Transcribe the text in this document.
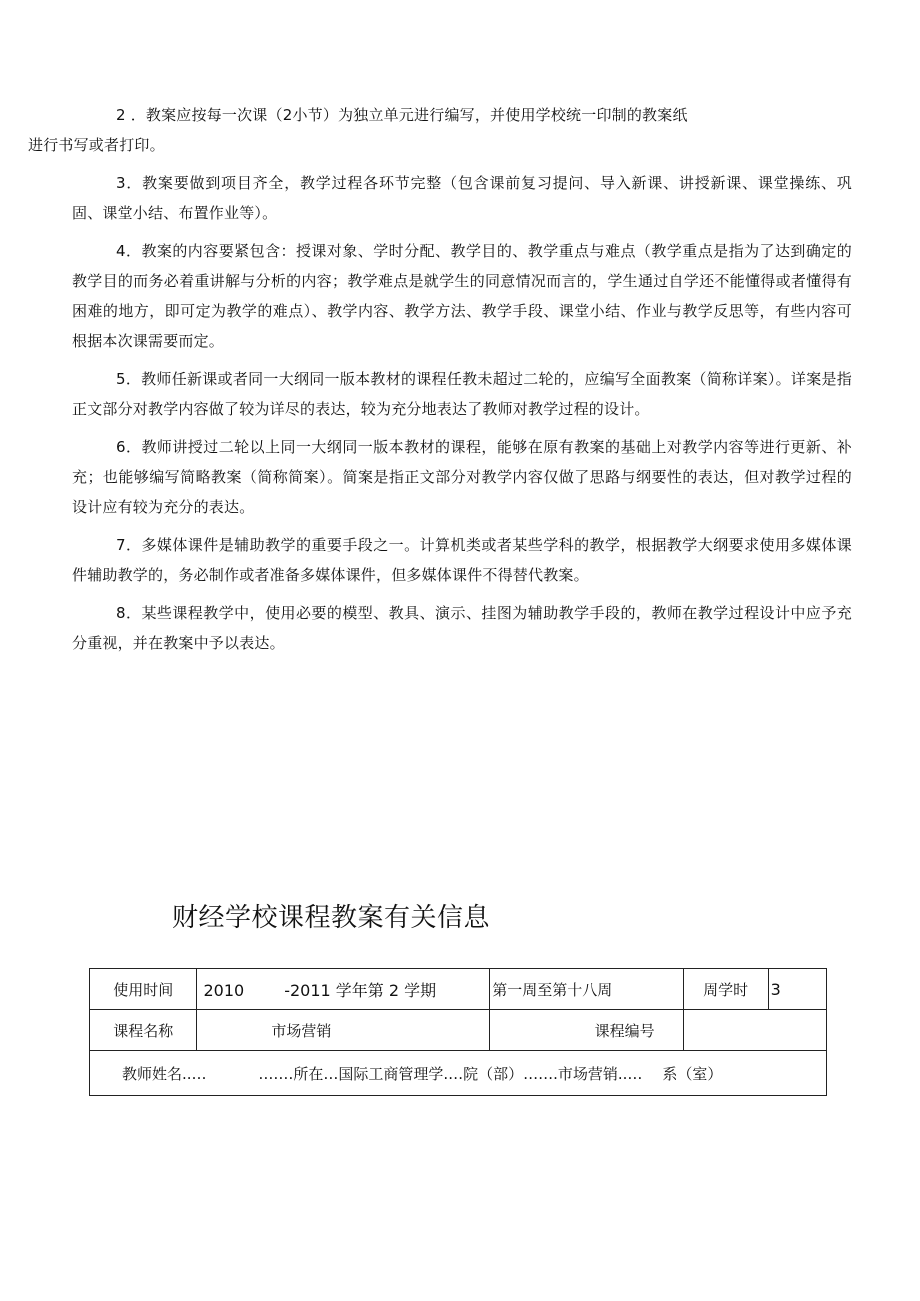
2 ．教案应按每一次课（2小节）为独立单元进行编写，并使用学校统一印制的教案纸
进行书写或者打印。

3．教案要做到项目齐全，教学过程各环节完整（包含课前复习提问、导入新课、讲授新课、课堂操练、巩固、课堂小结、布置作业等）。

4．教案的内容要紧包含：授课对象、学时分配、教学目的、教学重点与难点（教学重点是指为了达到确定的教学目的而务必着重讲解与分析的内容；教学难点是就学生的同意情况而言的，学生通过自学还不能懂得或者懂得有困难的地方，即可定为教学的难点）、教学内容、教学方法、教学手段、课堂小结、作业与教学反思等，有些内容可根据本次课需要而定。

5．教师任新课或者同一大纲同一版本教材的课程任教未超过二轮的，应编写全面教案（简称详案）。详案是指正文部分对教学内容做了较为详尽的表达，较为充分地表达了教师对教学过程的设计。

6．教师讲授过二轮以上同一大纲同一版本教材的课程，能够在原有教案的基础上对教学内容等进行更新、补充；也能够编写简略教案（简称简案）。简案是指正文部分对教学内容仅做了思路与纲要性的表达，但对教学过程的设计应有较为充分的表达。

7．多媒体课件是辅助教学的重要手段之一。计算机类或者某些学科的教学，根据教学大纲要求使用多媒体课件辅助教学的，务必制作或者准备多媒体课件，但多媒体课件不得替代教案。

8．某些课程教学中，使用必要的模型、教具、演示、挂图为辅助教学手段的，教师在教学过程设计中应予充分重视，并在教案中予以表达。

财经学校课程教案有关信息
使用时间	2010 -2011 学年第 2 学期	第一周至第十八周	周学时	3
课程名称	市场营销	课程编号		
教师姓名..… .……所在…国际工商管理学.…院（部）…….市场营销..… 系（室）				
